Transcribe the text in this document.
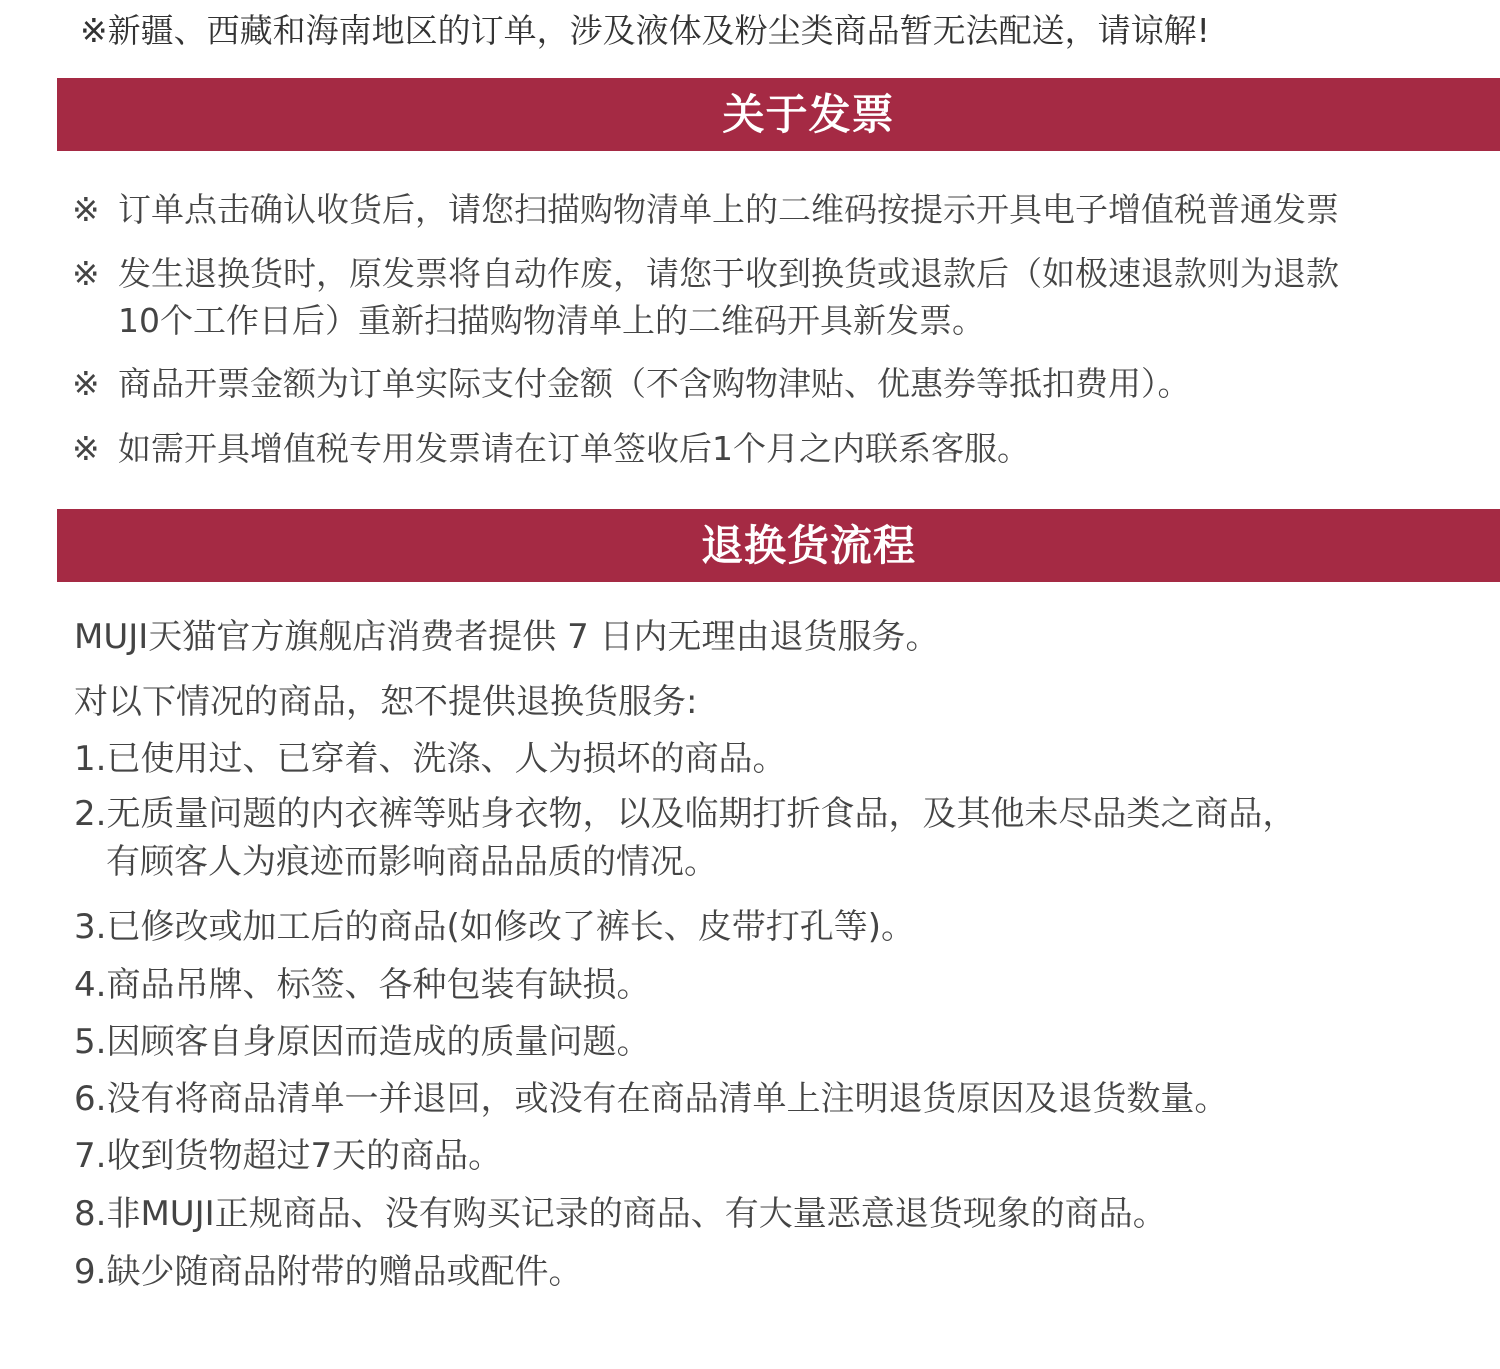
※新疆、西藏和海南地区的订单，涉及液体及粉尘类商品暂无法配送，请谅解!
关于发票
※ 订单点击确认收货后，请您扫描购物清单上的二维码按提示开具电子增值税普通发票
※ 发生退换货时，原发票将自动作废，请您于收到换货或退款后（如极速退款则为退款
10个工作日后）重新扫描购物清单上的二维码开具新发票。
※ 商品开票金额为订单实际支付金额（不含购物津贴、优惠券等抵扣费用）。
※ 如需开具增值税专用发票请在订单签收后1个月之内联系客服。
退换货流程
MUJI天猫官方旗舰店消费者提供 7 日内无理由退货服务。
对以下情况的商品，恕不提供退换货服务:
1.已使用过、已穿着、洗涤、人为损坏的商品。
2.无质量问题的内衣裤等贴身衣物，以及临期打折食品，及其他未尽品类之商品，
有顾客人为痕迹而影响商品品质的情况。
3.已修改或加工后的商品(如修改了裤长、皮带打孔等)。
4.商品吊牌、标签、各种包装有缺损。
5.因顾客自身原因而造成的质量问题。
6.没有将商品清单一并退回，或没有在商品清单上注明退货原因及退货数量。
7.收到货物超过7天的商品。
8.非MUJI正规商品、没有购买记录的商品、有大量恶意退货现象的商品。
9.缺少随商品附带的赠品或配件。
